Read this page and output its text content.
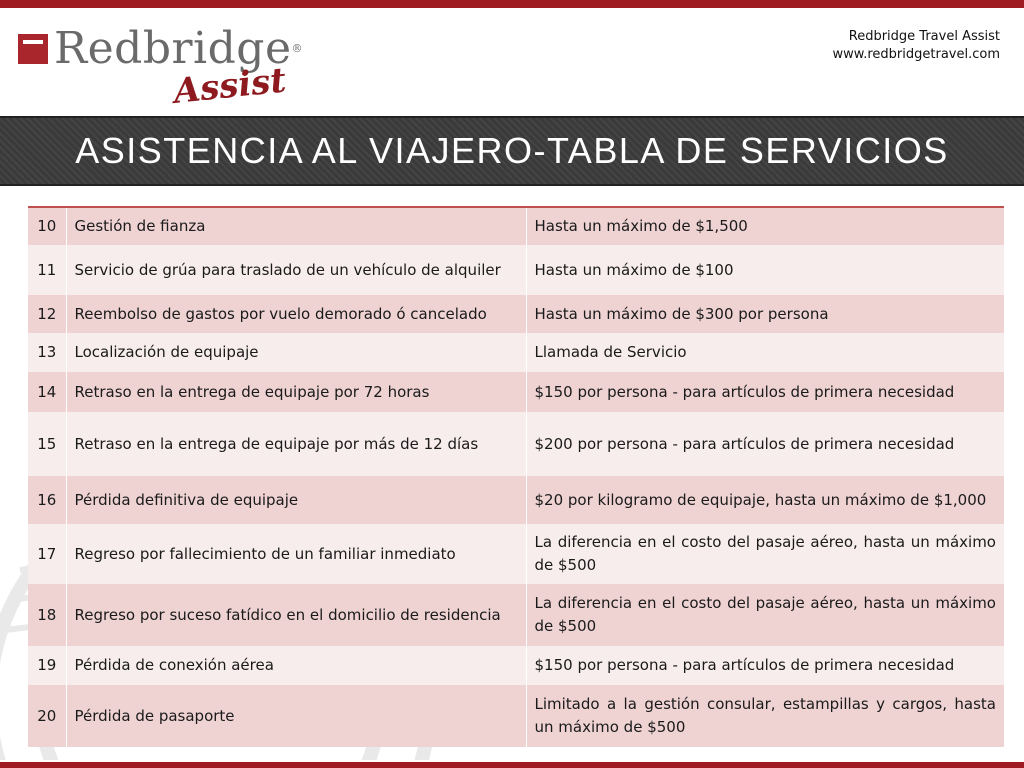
Redbridge®
Assist
Redbridge Travel Assist
www.redbridgetravel.com
ASISTENCIA AL VIAJERO-TABLA DE SERVICIOS
10	Gestión de fianza	Hasta un máximo de $1,500
11	Servicio de grúa para traslado de un vehículo de alquiler	Hasta un máximo de $100
12	Reembolso de gastos por vuelo demorado ó cancelado	Hasta un máximo de $300 por persona
13	Localización de equipaje	Llamada de Servicio
14	Retraso en la entrega de equipaje por 72 horas	$150 por persona - para artículos de primera necesidad
15	Retraso en la entrega de equipaje por más de 12 días	$200 por persona - para artículos de primera necesidad
16	Pérdida definitiva de equipaje	$20 por kilogramo de equipaje, hasta un máximo de $1,000
17	Regreso por fallecimiento de un familiar inmediato	La diferencia en el costo del pasaje aéreo, hasta un máximo de $500
18	Regreso por suceso fatídico en el domicilio de residencia	La diferencia en el costo del pasaje aéreo, hasta un máximo de $500
19	Pérdida de conexión aérea	$150 por persona - para artículos de primera necesidad
20	Pérdida de pasaporte	Limitado a la gestión consular, estampillas y cargos, hasta un máximo de $500
